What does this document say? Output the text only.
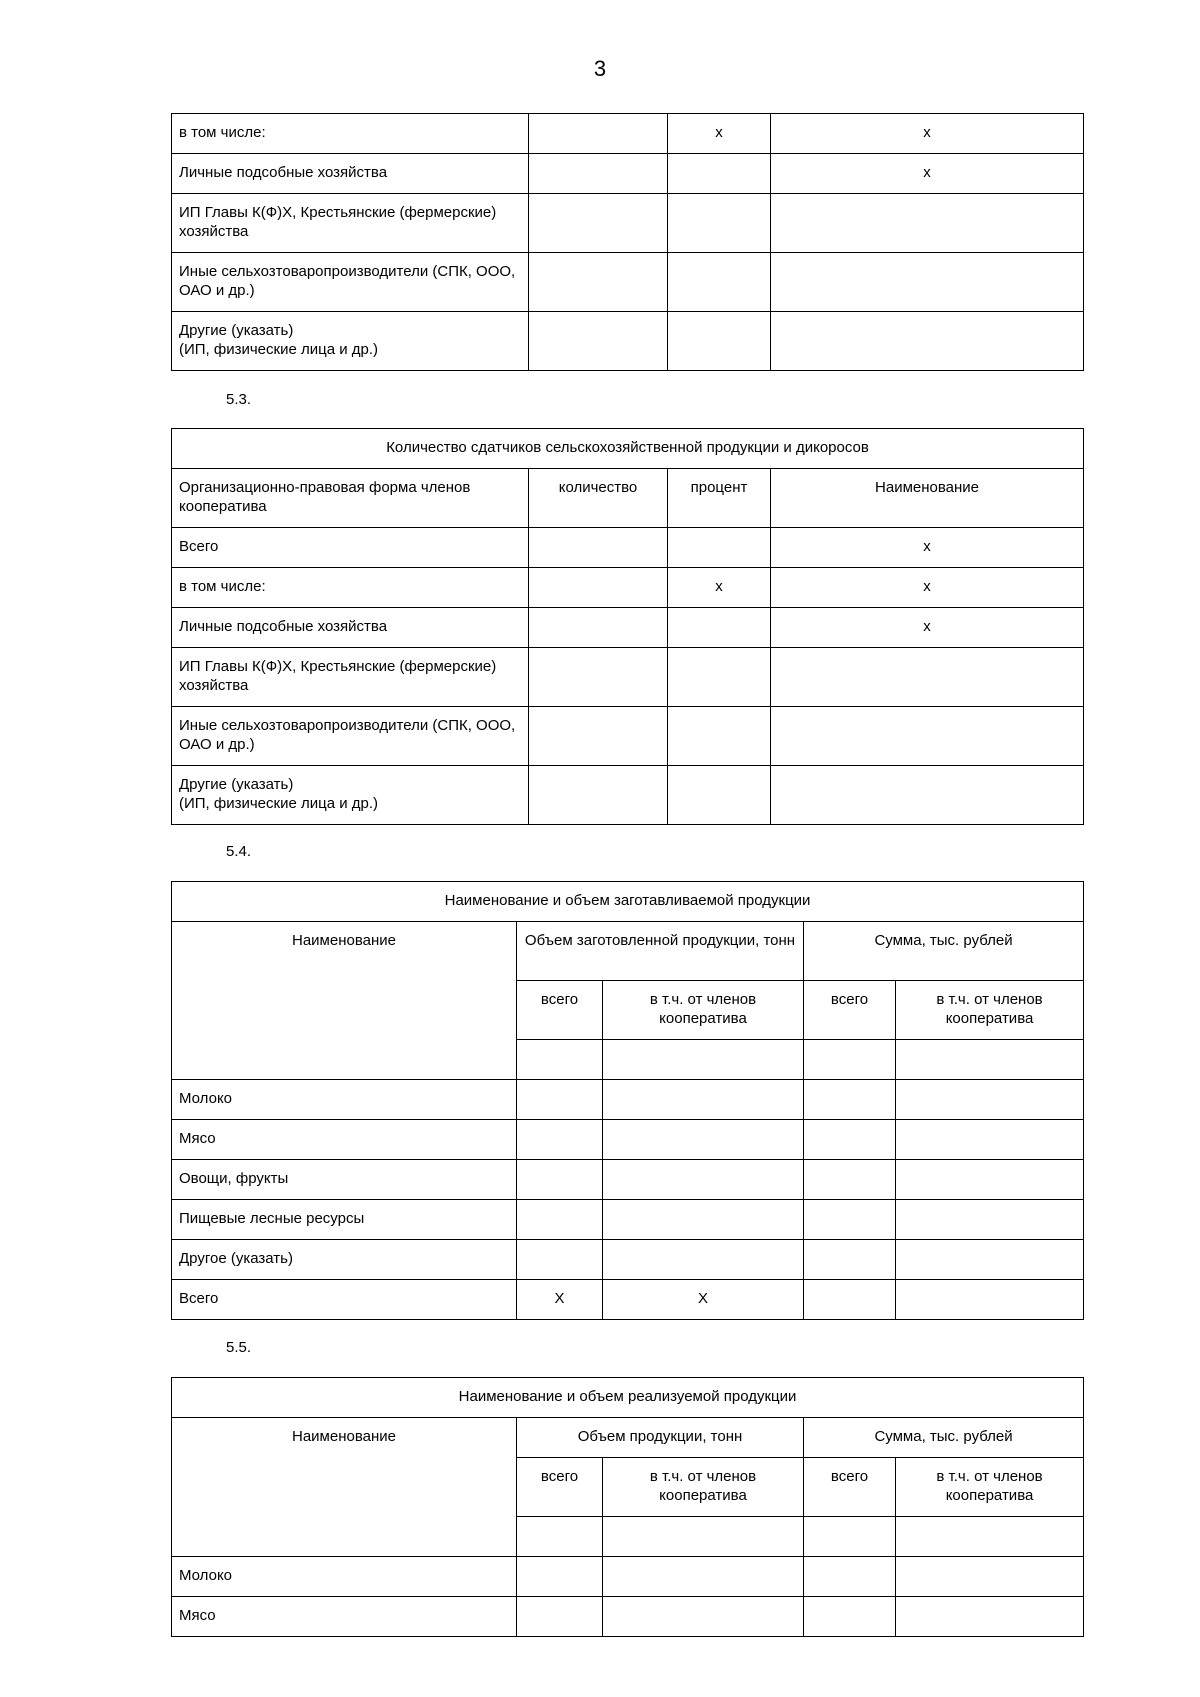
3
в том числе:		x	x
Личные подсобные хозяйства			x
ИП Главы К(Ф)Х, Крестьянские (фермерские) хозяйства			
Иные сельхозтоваропроизводители (СПК, ООО, ОАО и др.)			
Другие (указать)
(ИП, физические лица и др.)			
5.3.
Количество сдатчиков сельскохозяйственной продукции и дикоросов			
Организационно-правовая форма членов кооператива	количество	процент	Наименование
Всего			x
в том числе:		x	x
Личные подсобные хозяйства			x
ИП Главы К(Ф)Х, Крестьянские (фермерские) хозяйства			
Иные сельхозтоваропроизводители (СПК, ООО, ОАО и др.)			
Другие (указать)
(ИП, физические лица и др.)			
5.4.
Наименование и объем заготавливаемой продукции				
Наименование	Объем заготовленной продукции, тонн		Сумма, тыс. рублей	
	всего	в т.ч. от членов кооператива	всего	в т.ч. от членов кооператива

Молоко				
Мясо				
Овощи, фрукты				
Пищевые лесные ресурсы				
Другое (указать)				
Всего	X	X		
5.5.
Наименование и объем реализуемой продукции				
Наименование	Объем продукции, тонн		Сумма, тыс. рублей	
	всего	в т.ч. от членов кооператива	всего	в т.ч. от членов кооператива

Молоко				
Мясо				
